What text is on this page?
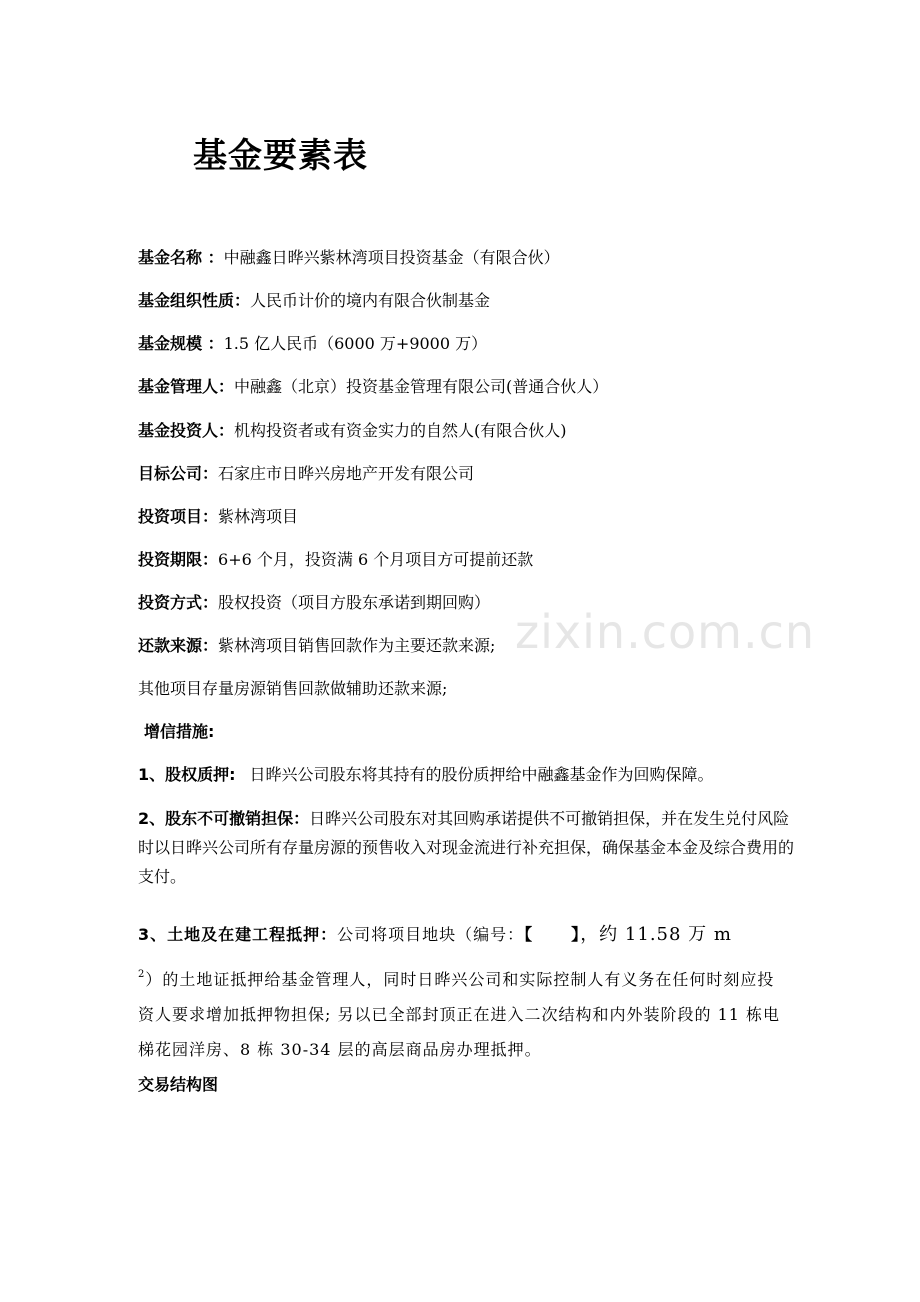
zixin.com.cn
基金要素表
基金名称 ：中融鑫日晔兴紫林湾项目投资基金（有限合伙）
基金组织性质：人民币计价的境内有限合伙制基金
基金规模 ：1.5 亿人民币（6000 万+9000 万）
基金管理人：中融鑫（北京）投资基金管理有限公司(普通合伙人）
基金投资人：机构投资者或有资金实力的自然人(有限合伙人)
目标公司：石家庄市日晔兴房地产开发有限公司
投资项目：紫林湾项目
投资期限：6+6 个月，投资满 6 个月项目方可提前还款
投资方式：股权投资（项目方股东承诺到期回购）
还款来源：紫林湾项目销售回款作为主要还款来源;
其他项目存量房源销售回款做辅助还款来源;
增信措施:
1、股权质押: 日晔兴公司股东将其持有的股份质押给中融鑫基金作为回购保障。
2、股东不可撤销担保：日晔兴公司股东对其回购承诺提供不可撤销担保，并在发生兑付风险时以日晔兴公司所有存量房源的预售收入对现金流进行补充担保，确保基金本金及综合费用的支付。
3、土地及在建工程抵押：公司将项目地块（编号：【 】，约 11.58 万 m
$^2$）的土地证抵押给基金管理人，同时日晔兴公司和实际控制人有义务在任何时刻应投资人要求增加抵押物担保; 另以已全部封顶正在进入二次结构和内外装阶段的 11 栋电梯花园洋房、8 栋 30-34 层的高层商品房办理抵押。
交易结构图
